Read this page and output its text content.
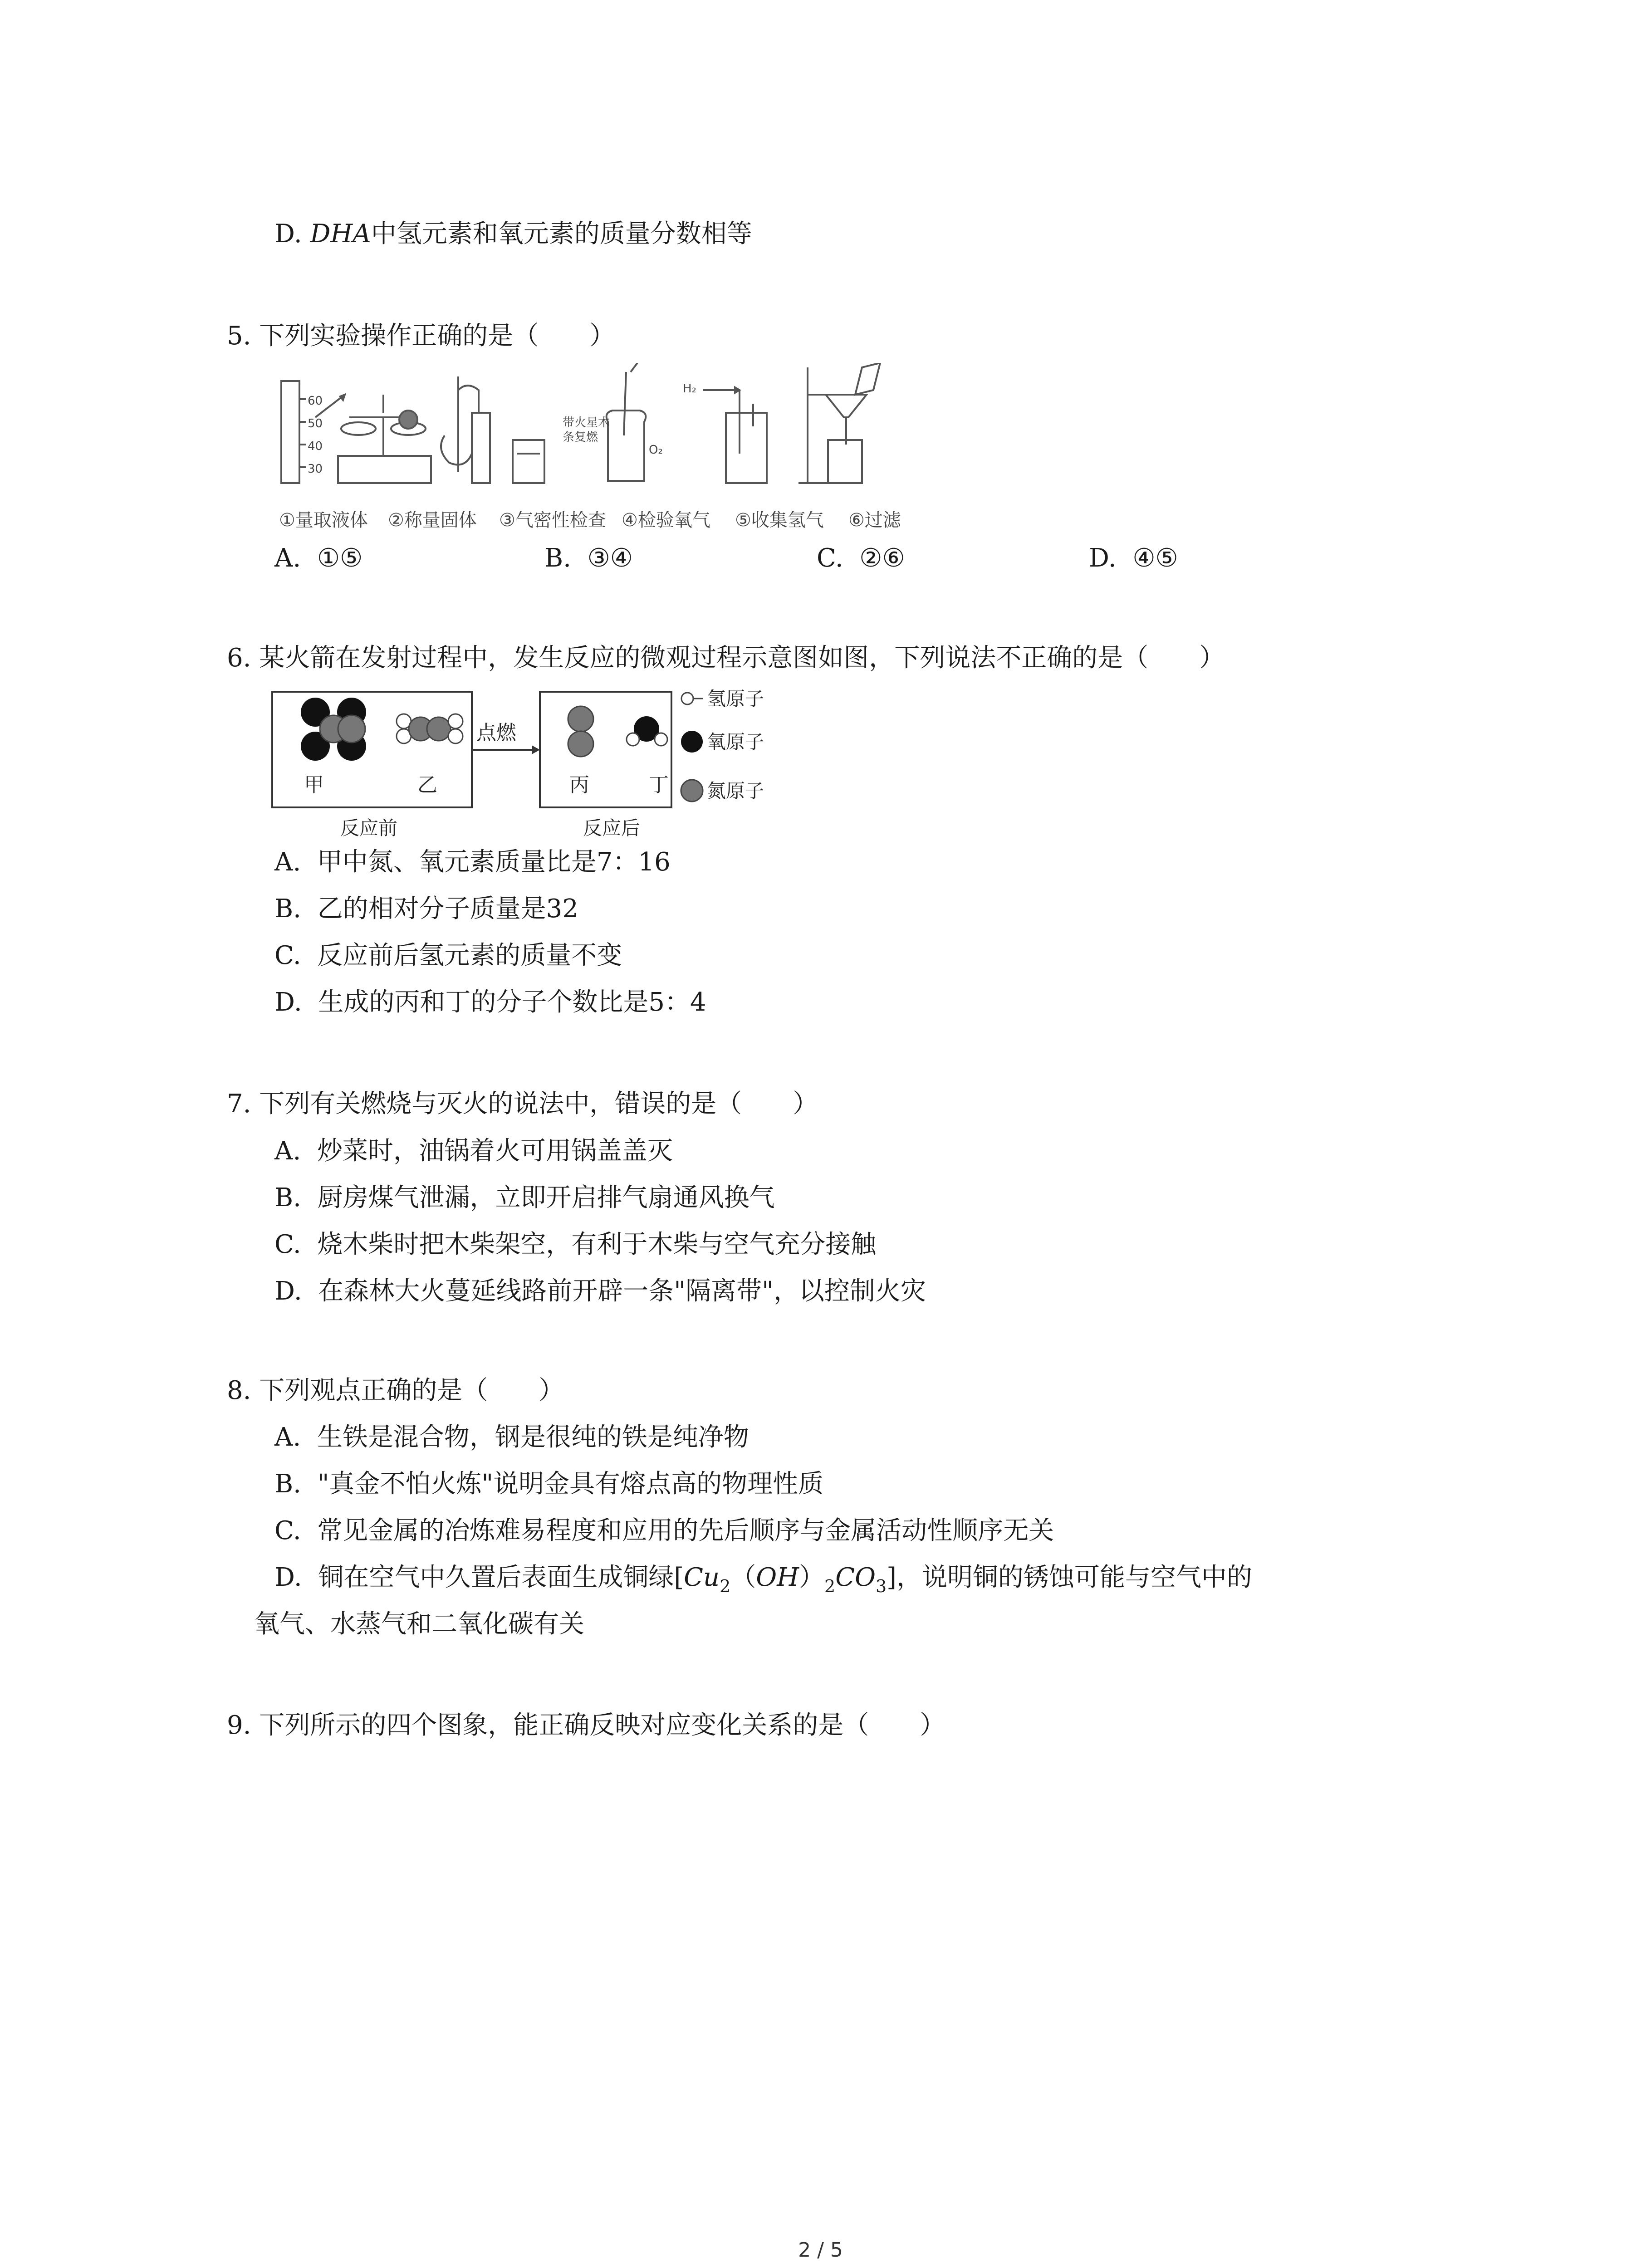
D. DHA中氢元素和氧元素的质量分数相等
5. 下列实验操作正确的是（　　）
60
50
40
30
带火星木
条复燃
O₂
H₂
①量取液体 ②称量固体 ③气密性检查 ④检验氧气 ⑤收集氢气 ⑥过滤
A. ①⑤	B. ③④	C. ②⑥	D. ④⑤
6. 某火箭在发射过程中，发生反应的微观过程示意图如图，下列说法不正确的是（　　）
甲	乙
点燃
丙	丁
氢原子
氧原子
氮原子
反应前	反应后
A. 甲中氮、氧元素质量比是7：16
B. 乙的相对分子质量是32
C. 反应前后氢元素的质量不变
D. 生成的丙和丁的分子个数比是5：4
7. 下列有关燃烧与灭火的说法中，错误的是（　　）
A. 炒菜时，油锅着火可用锅盖盖灭
B. 厨房煤气泄漏，立即开启排气扇通风换气
C. 烧木柴时把木柴架空，有利于木柴与空气充分接触
D. 在森林大火蔓延线路前开辟一条"隔离带"，以控制火灾
8. 下列观点正确的是（　　）
A. 生铁是混合物，钢是很纯的铁是纯净物
B. "真金不怕火炼"说明金具有熔点高的物理性质
C. 常见金属的冶炼难易程度和应用的先后顺序与金属活动性顺序无关
D. 铜在空气中久置后表面生成铜绿$[Cu_2(OH)_2CO_3]$，说明铜的锈蚀可能与空气中的
氧气、水蒸气和二氧化碳有关
9. 下列所示的四个图象，能正确反映对应变化关系的是（　　）
2 / 5
